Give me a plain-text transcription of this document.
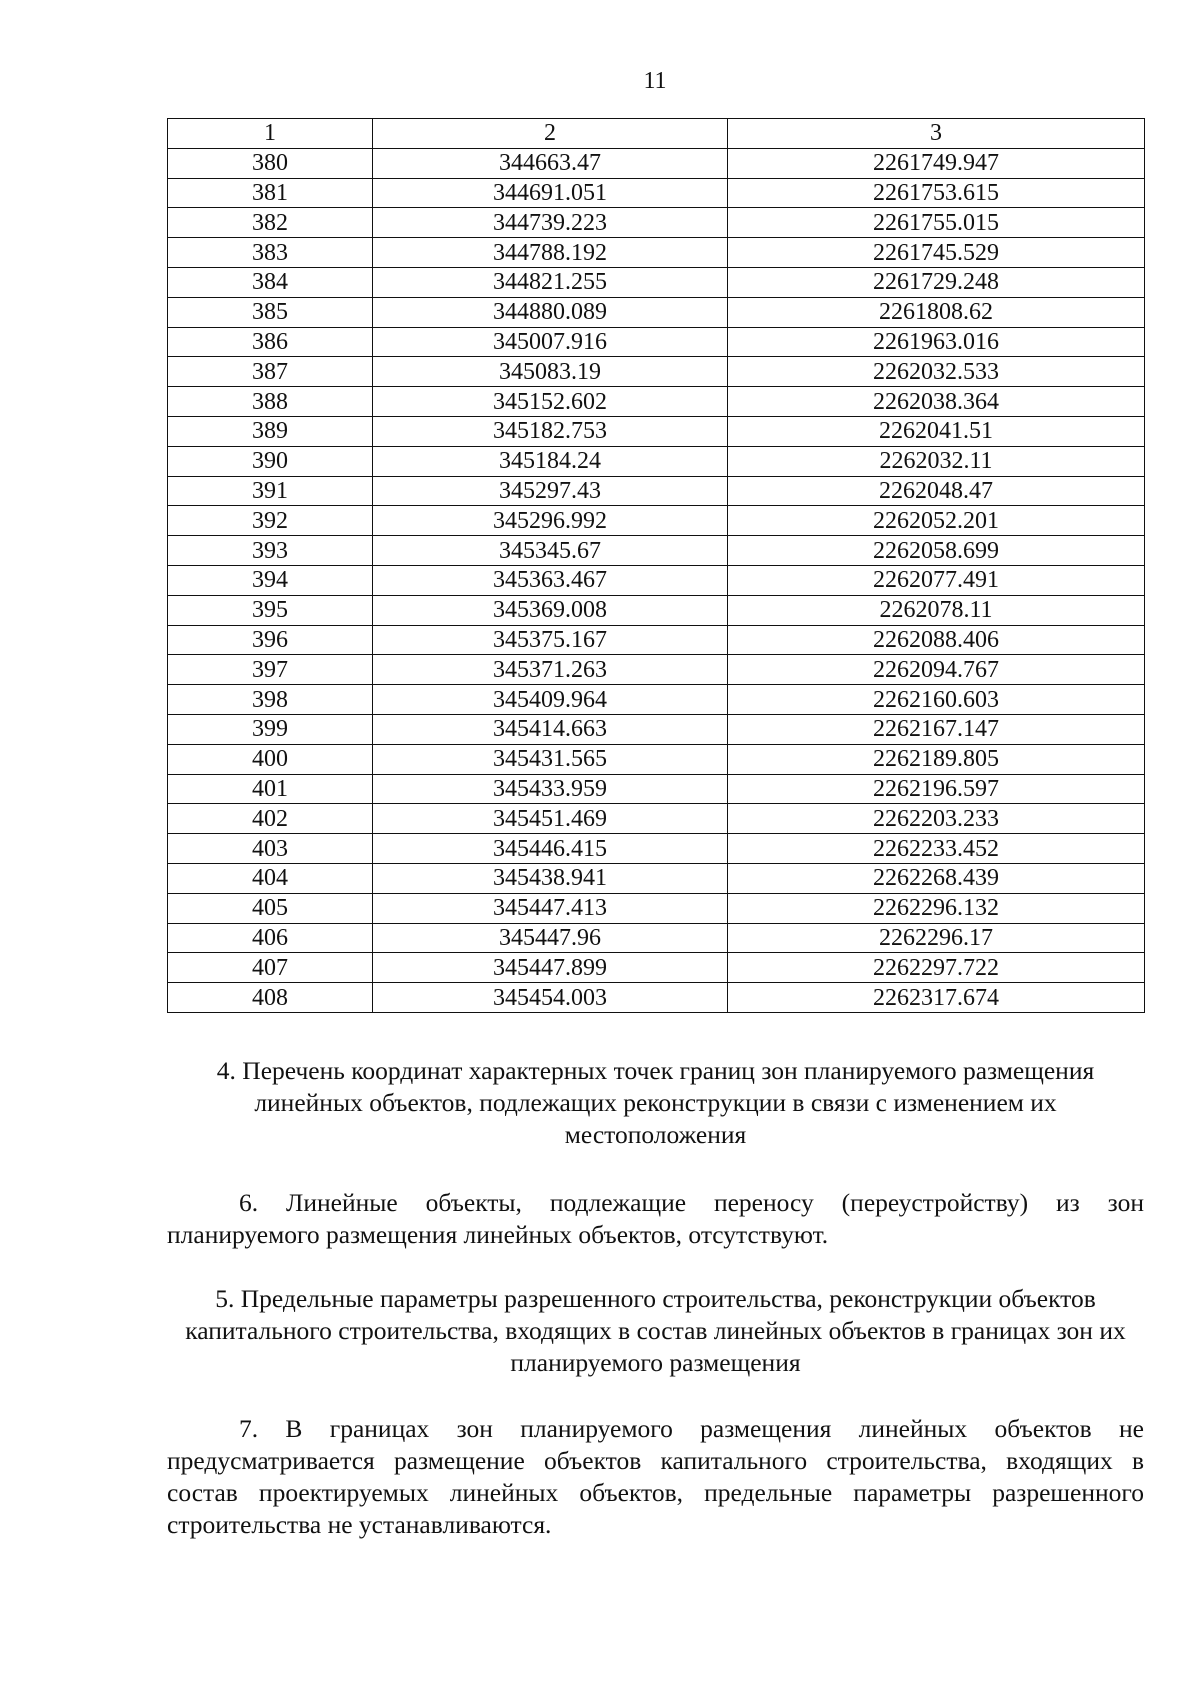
11
1	2	3
380	344663.47	2261749.947
381	344691.051	2261753.615
382	344739.223	2261755.015
383	344788.192	2261745.529
384	344821.255	2261729.248
385	344880.089	2261808.62
386	345007.916	2261963.016
387	345083.19	2262032.533
388	345152.602	2262038.364
389	345182.753	2262041.51
390	345184.24	2262032.11
391	345297.43	2262048.47
392	345296.992	2262052.201
393	345345.67	2262058.699
394	345363.467	2262077.491
395	345369.008	2262078.11
396	345375.167	2262088.406
397	345371.263	2262094.767
398	345409.964	2262160.603
399	345414.663	2262167.147
400	345431.565	2262189.805
401	345433.959	2262196.597
402	345451.469	2262203.233
403	345446.415	2262233.452
404	345438.941	2262268.439
405	345447.413	2262296.132
406	345447.96	2262296.17
407	345447.899	2262297.722
408	345454.003	2262317.674
4. Перечень координат характерных точек границ зон планируемого размещения линейных объектов, подлежащих реконструкции в связи с изменением их местоположения
6. Линейные объекты, подлежащие переносу (переустройству) из зон планируемого размещения линейных объектов, отсутствуют.
5. Предельные параметры разрешенного строительства, реконструкции объектов капитального строительства, входящих в состав линейных объектов в границах зон их планируемого размещения
7. В границах зон планируемого размещения линейных объектов не предусматривается размещение объектов капитального строительства, входящих в состав проектируемых линейных объектов, предельные параметры разрешенного строительства не устанавливаются.
